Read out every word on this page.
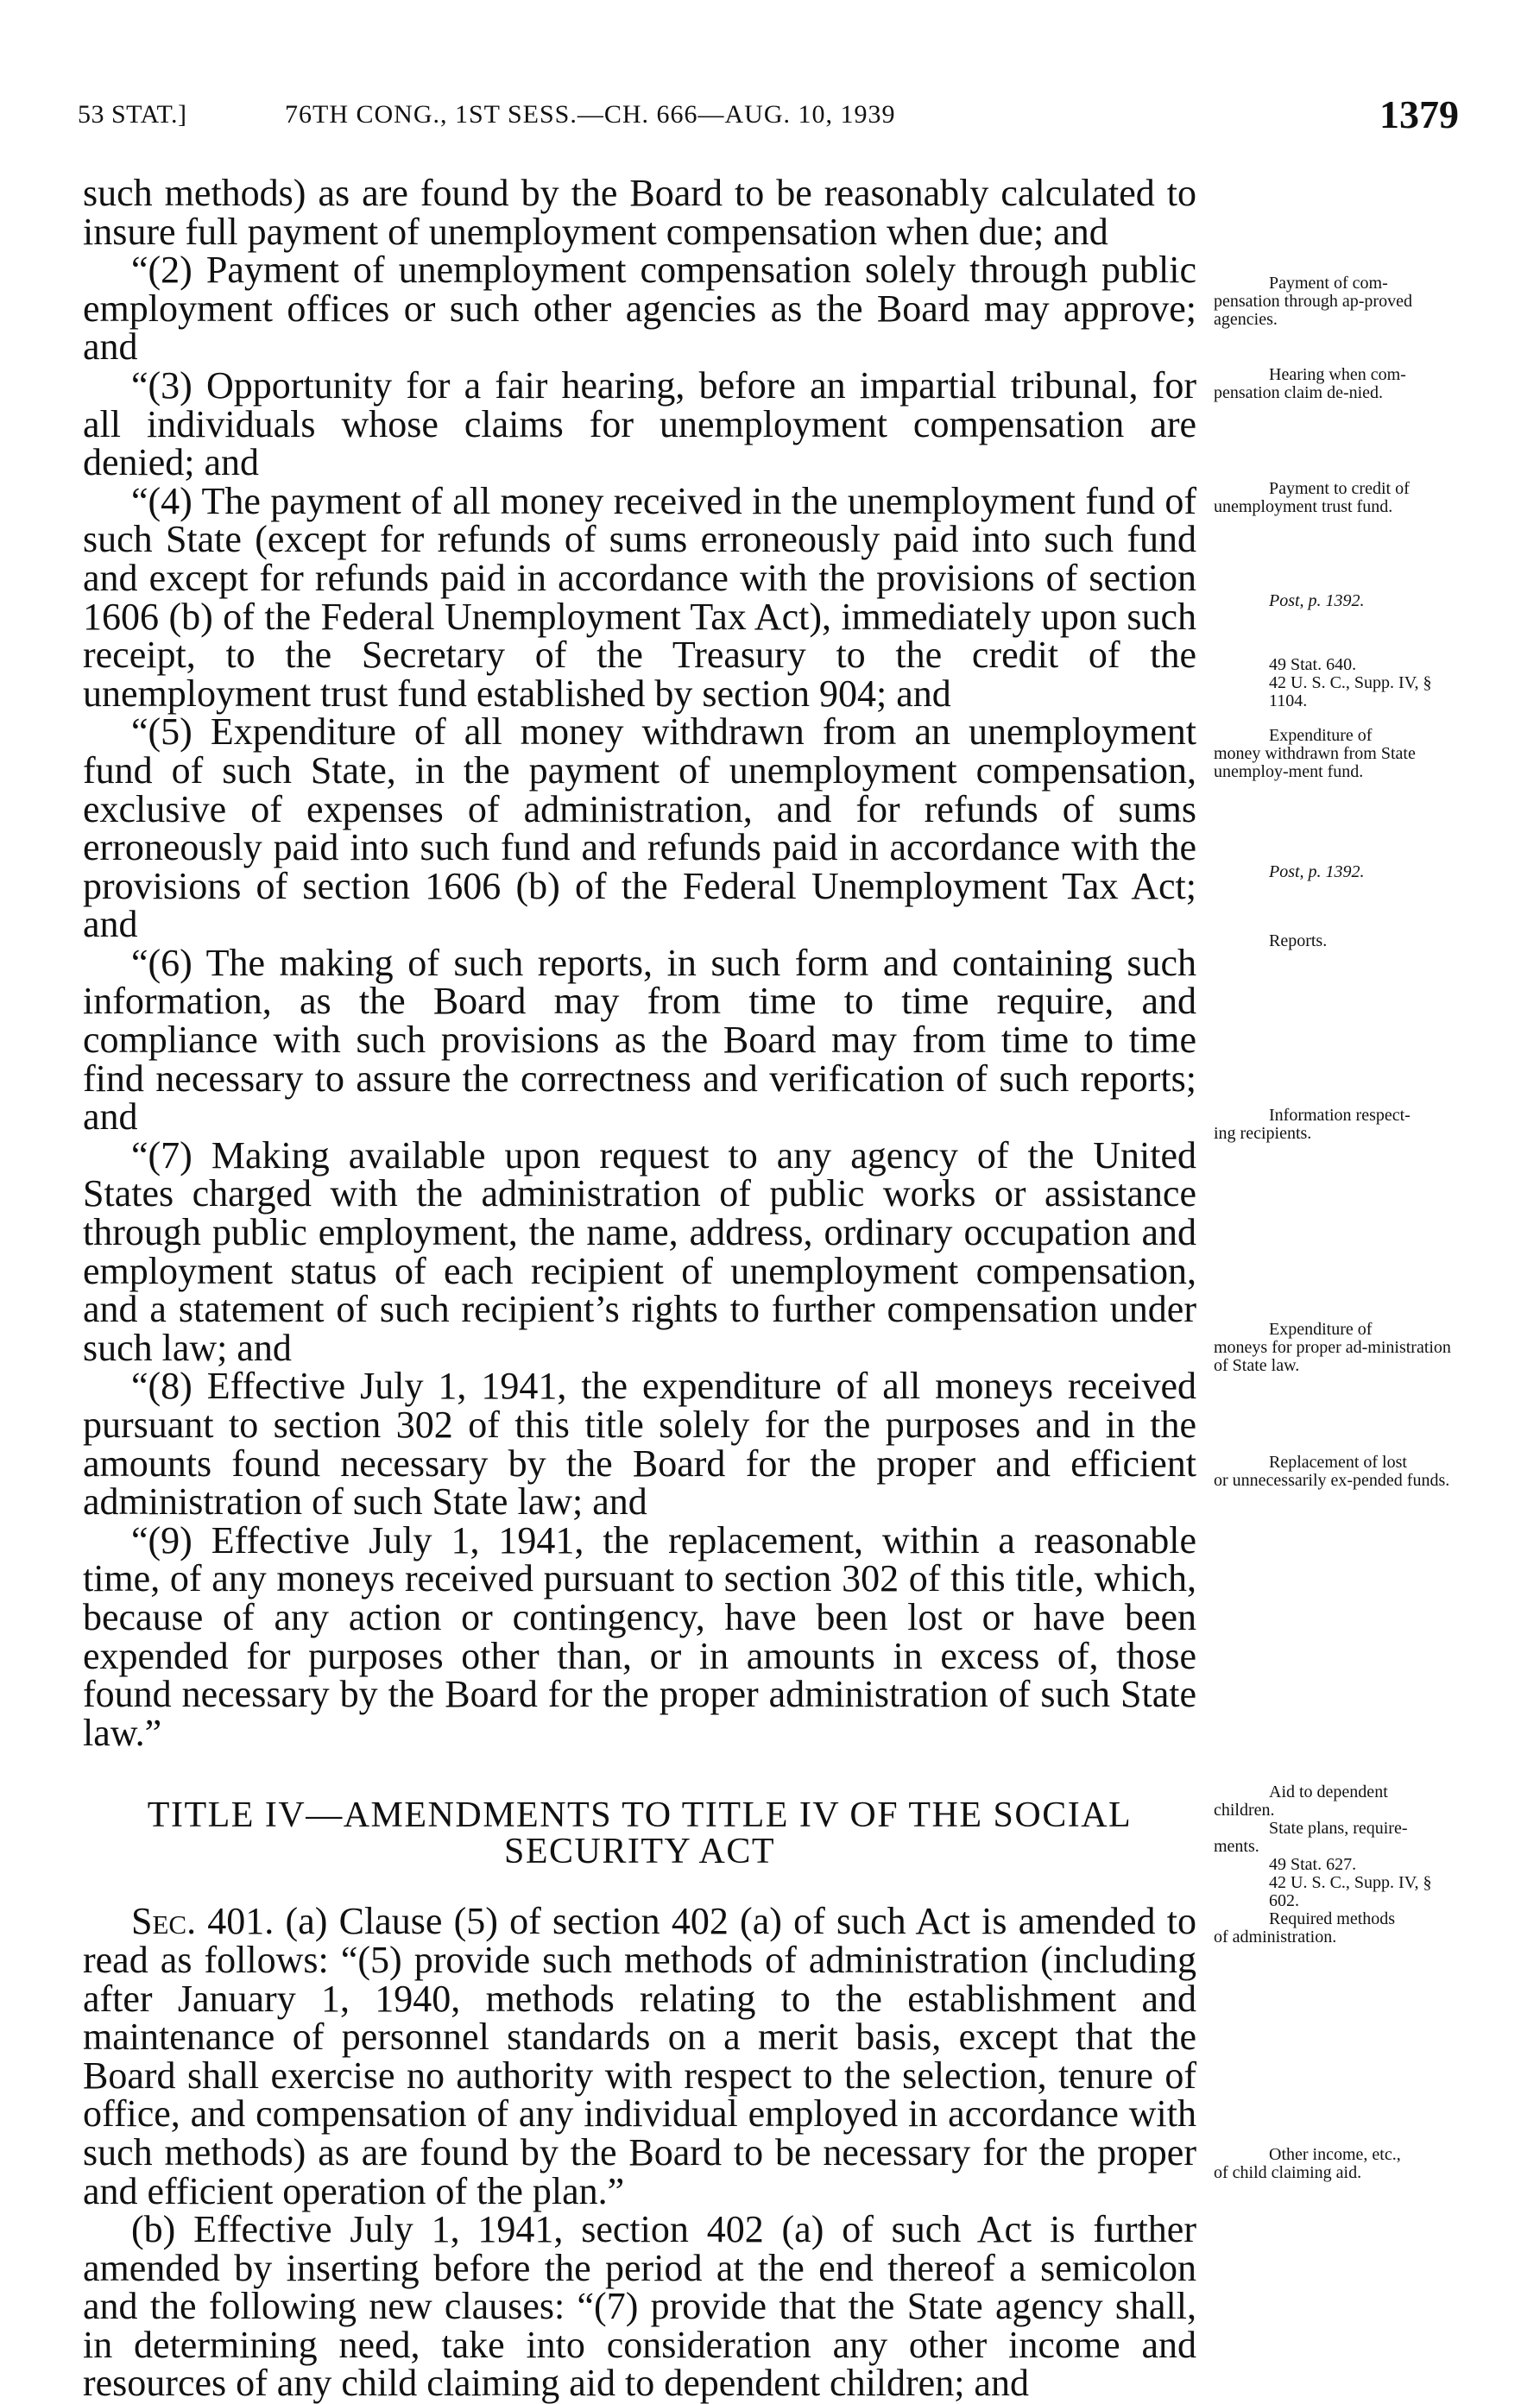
53 STAT.]	76TH CONG., 1ST SESS.—CH. 666—AUG. 10, 1939	1379

such methods) as are found by the Board to be reasonably calculated to insure full payment of unemployment compensation when due; and

“(2) Payment of unemployment compensation solely through public employment offices or such other agencies as the Board may approve; and

“(3) Opportunity for a fair hearing, before an impartial tribunal, for all individuals whose claims for unemployment compensation are denied; and

“(4) The payment of all money received in the unemployment fund of such State (except for refunds of sums erroneously paid into such fund and except for refunds paid in accordance with the provisions of section 1606 (b) of the Federal Unemployment Tax Act), immediately upon such receipt, to the Secretary of the Treasury to the credit of the unemployment trust fund established by section 904; and

“(5) Expenditure of all money withdrawn from an unemployment fund of such State, in the payment of unemployment compensation, exclusive of expenses of administration, and for refunds of sums erroneously paid into such fund and refunds paid in accordance with the provisions of section 1606 (b) of the Federal Unemployment Tax Act; and

“(6) The making of such reports, in such form and containing such information, as the Board may from time to time require, and compliance with such provisions as the Board may from time to time find necessary to assure the correctness and verification of such reports; and

“(7) Making available upon request to any agency of the United States charged with the administration of public works or assistance through public employment, the name, address, ordinary occupation and employment status of each recipient of unemployment compensation, and a statement of such recipient’s rights to further compensation under such law; and

“(8) Effective July 1, 1941, the expenditure of all moneys received pursuant to section 302 of this title solely for the purposes and in the amounts found necessary by the Board for the proper and efficient administration of such State law; and

“(9) Effective July 1, 1941, the replacement, within a reasonable time, of any moneys received pursuant to section 302 of this title, which, because of any action or contingency, have been lost or have been expended for purposes other than, or in amounts in excess of, those found necessary by the Board for the proper administration of such State law.”

TITLE IV—AMENDMENTS TO TITLE IV OF THE SOCIAL
SECURITY ACT

Sec. 401. (a) Clause (5) of section 402 (a) of such Act is amended to read as follows: “(5) provide such methods of administration (including after January 1, 1940, methods relating to the establishment and maintenance of personnel standards on a merit basis, except that the Board shall exercise no authority with respect to the selection, tenure of office, and compensation of any individual employed in accordance with such methods) as are found by the Board to be necessary for the proper and efficient operation of the plan.”

(b) Effective July 1, 1941, section 402 (a) of such Act is further amended by inserting before the period at the end thereof a semicolon and the following new clauses: “(7) provide that the State agency shall, in determining need, take into consideration any other income and resources of any child claiming aid to dependent children; and

Payment of com-
pensation through ap-proved agencies.
Hearing when com-
pensation claim de-nied.
Payment to credit of
unemployment trust fund.
Post, p. 1392.
49 Stat. 640.
42 U. S. C., Supp. IV, § 1104.
Expenditure of
money withdrawn from State unemploy-ment fund.
Post, p. 1392.
Reports.
Information respect-
ing recipients.
Expenditure of
moneys for proper ad-ministration of State law.
Replacement of lost
or unnecessarily ex-pended funds.
Aid to dependent
children.
State plans, require-
ments.
49 Stat. 627.
42 U. S. C., Supp. IV, § 602.
Required methods
of administration.
Other income, etc.,
of child claiming aid.
